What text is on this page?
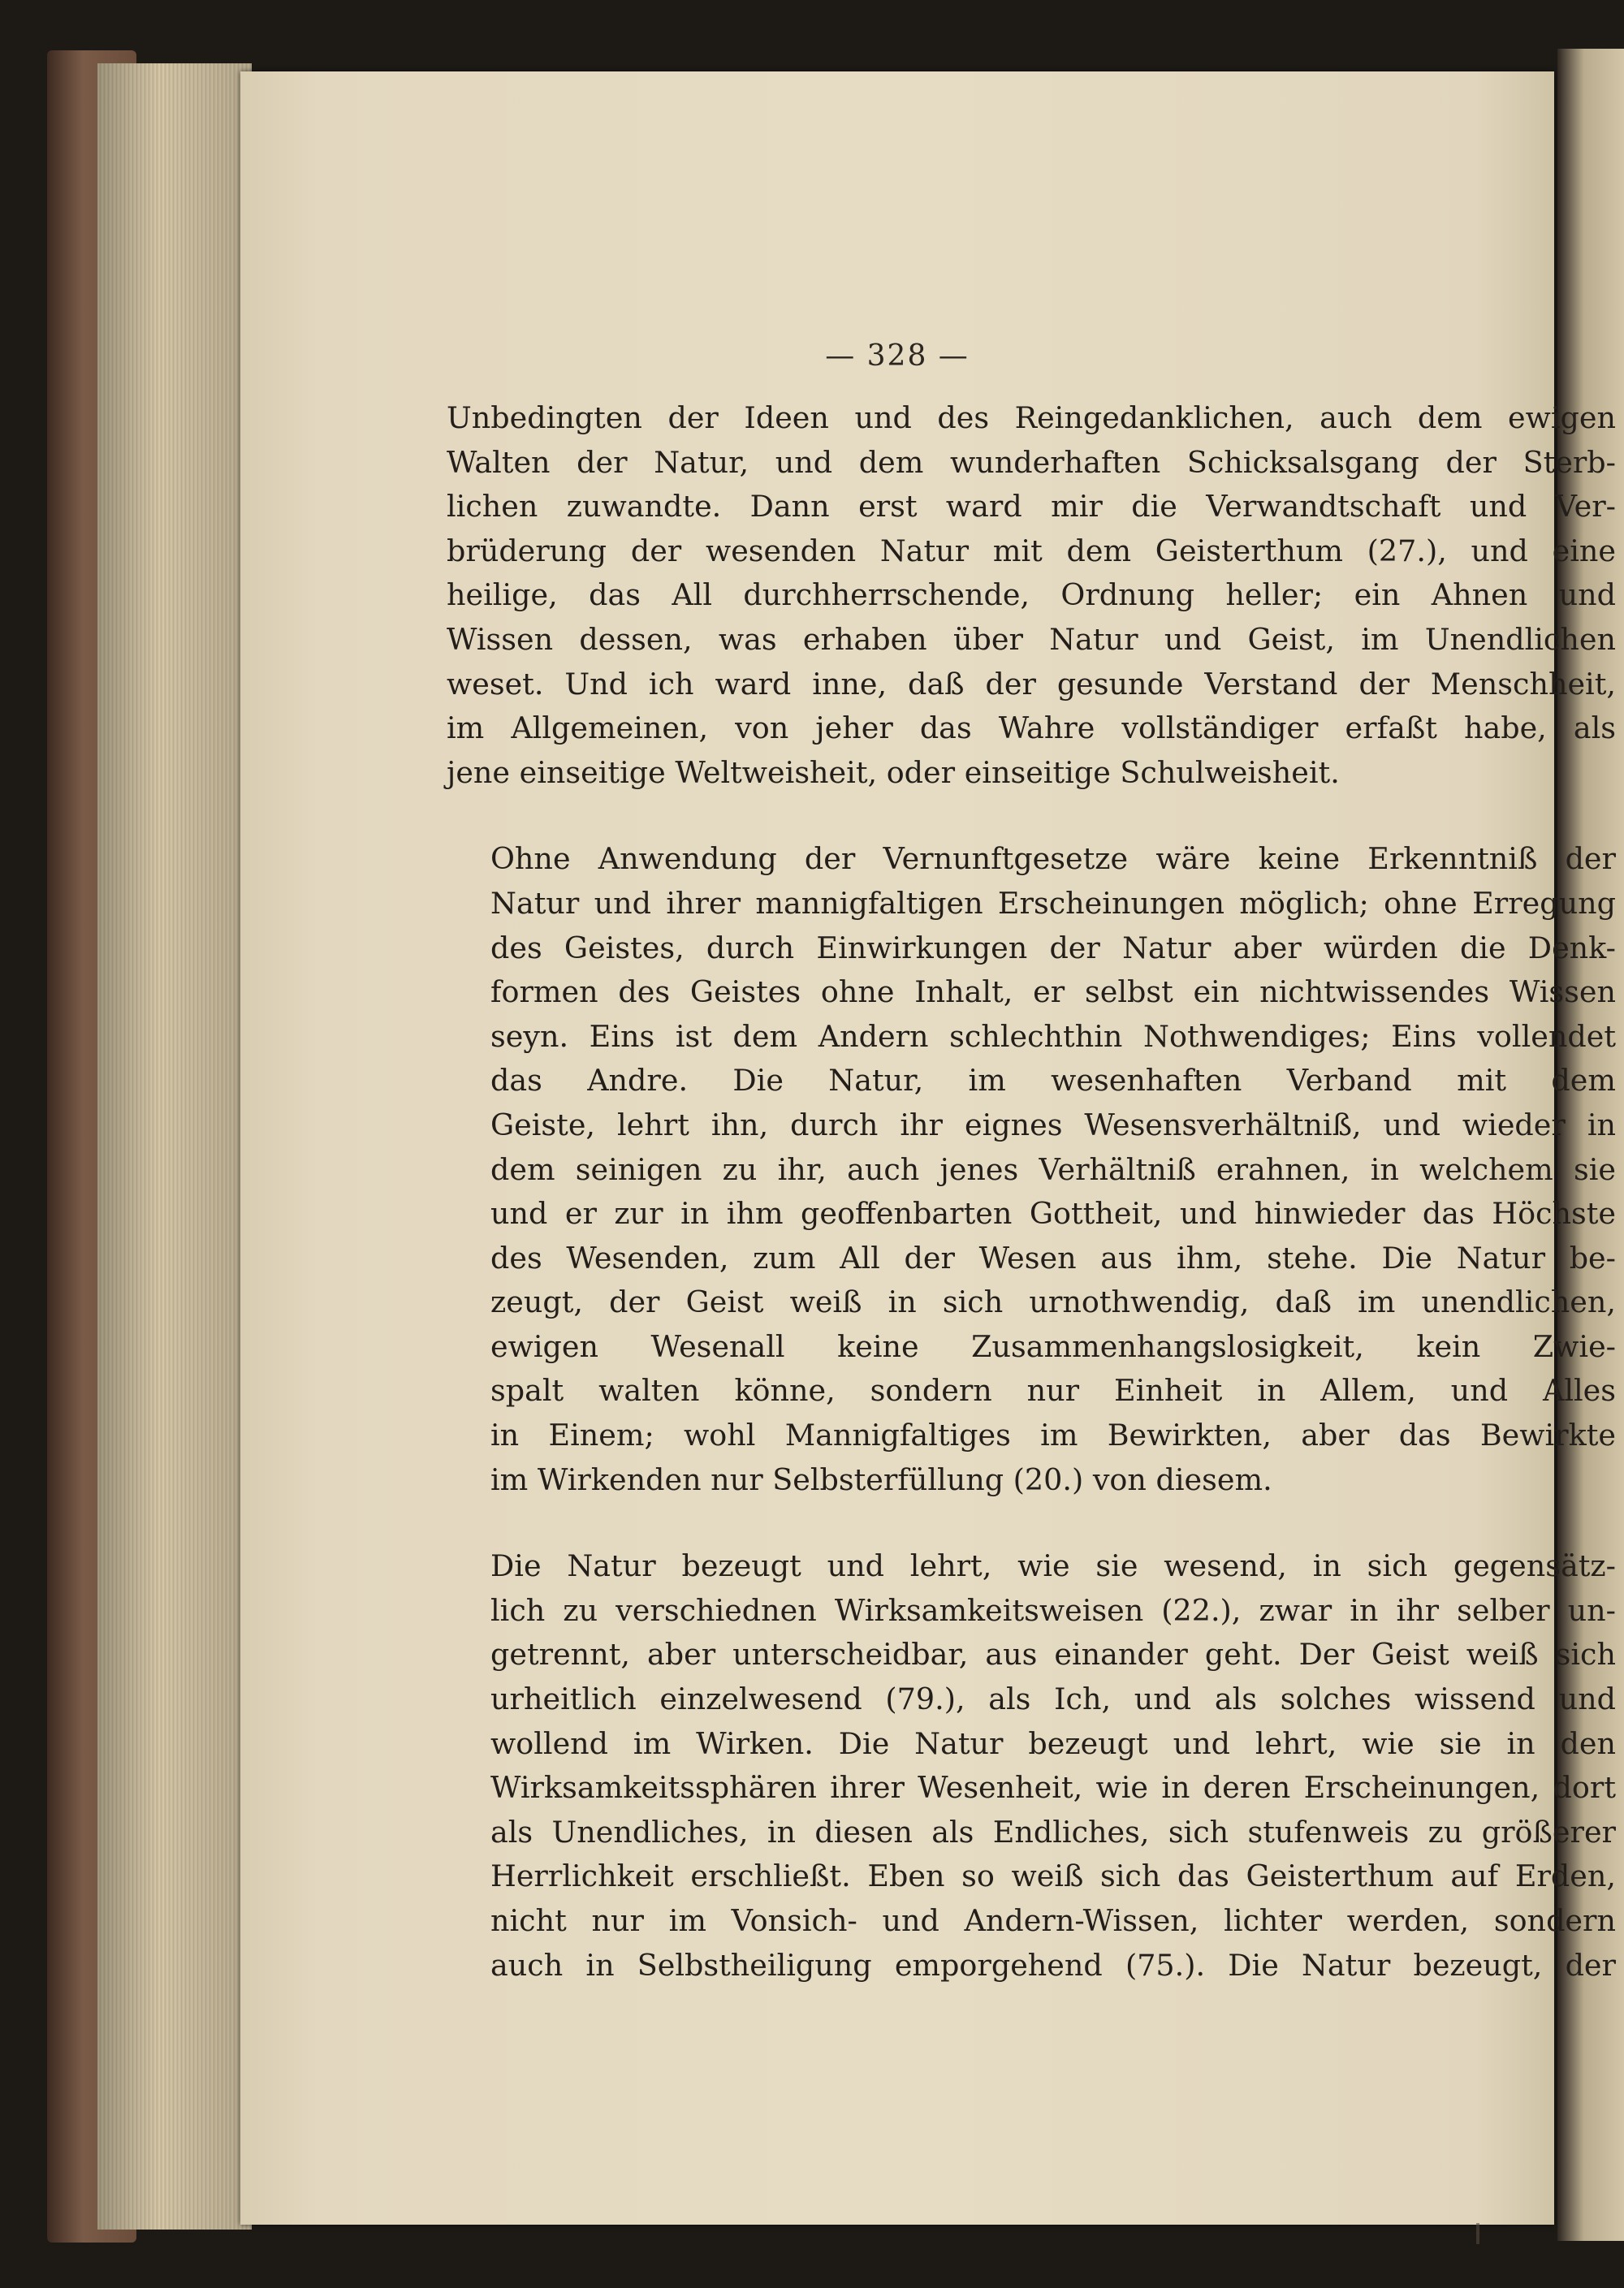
— 328 —

Unbedingten der Ideen und des Reingedanklichen, auch dem ewigen
Walten der Natur, und dem wunderhaften Schicksalsgang der Sterb-
lichen zuwandte. Dann erst ward mir die Verwandtschaft und Ver-
brüderung der wesenden Natur mit dem Geisterthum (27.), und eine
heilige, das All durchherrschende, Ordnung heller; ein Ahnen und
Wissen dessen, was erhaben über Natur und Geist, im Unendlichen
weset. Und ich ward inne, daß der gesunde Verstand der Menschheit,
im Allgemeinen, von jeher das Wahre vollständiger erfaßt habe, als
jene einseitige Weltweisheit, oder einseitige Schulweisheit.

Ohne Anwendung der Vernunftgesetze wäre keine Erkenntniß der
Natur und ihrer mannigfaltigen Erscheinungen möglich; ohne Erregung
des Geistes, durch Einwirkungen der Natur aber würden die Denk-
formen des Geistes ohne Inhalt, er selbst ein nichtwissendes Wissen
seyn. Eins ist dem Andern schlechthin Nothwendiges; Eins vollendet
das Andre. Die Natur, im wesenhaften Verband mit dem
Geiste, lehrt ihn, durch ihr eignes Wesensverhältniß, und wieder in
dem seinigen zu ihr, auch jenes Verhältniß erahnen, in welchem sie
und er zur in ihm geoffenbarten Gottheit, und hinwieder das Höchste
des Wesenden, zum All der Wesen aus ihm, stehe. Die Natur be-
zeugt, der Geist weiß in sich urnothwendig, daß im unendlichen,
ewigen Wesenall keine Zusammenhangslosigkeit, kein Zwie-
spalt walten könne, sondern nur Einheit in Allem, und Alles
in Einem; wohl Mannigfaltiges im Bewirkten, aber das Bewirkte
im Wirkenden nur Selbsterfüllung (20.) von diesem.

Die Natur bezeugt und lehrt, wie sie wesend, in sich gegensätz-
lich zu verschiednen Wirksamkeitsweisen (22.), zwar in ihr selber un-
getrennt, aber unterscheidbar, aus einander geht. Der Geist weiß sich
urheitlich einzelwesend (79.), als Ich, und als solches wissend und
wollend im Wirken. Die Natur bezeugt und lehrt, wie sie in den
Wirksamkeitssphären ihrer Wesenheit, wie in deren Erscheinungen, dort
als Unendliches, in diesen als Endliches, sich stufenweis zu größerer
Herrlichkeit erschließt. Eben so weiß sich das Geisterthum auf Erden,
nicht nur im Vonsich- und Andern-Wissen, lichter werden, sondern
auch in Selbstheiligung emporgehend (75.). Die Natur bezeugt, der
